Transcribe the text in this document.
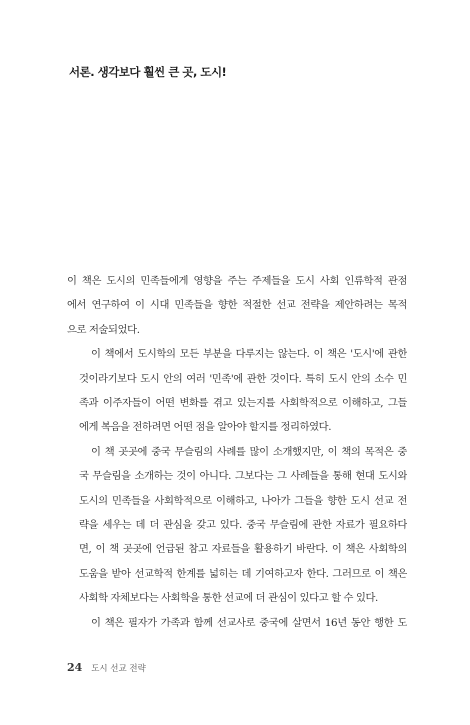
서론. 생각보다 훨씬 큰 곳, 도시!

이 책은 도시의 민족들에게 영향을 주는 주제들을 도시 사회 인류학적 관점
에서 연구하여 이 시대 민족들을 향한 적절한 선교 전략을 제안하려는 목적
으로 저술되었다.

이 책에서 도시학의 모든 부분을 다루지는 않는다. 이 책은 '도시'에 관한
것이라기보다 도시 안의 여러 '민족'에 관한 것이다. 특히 도시 안의 소수 민
족과 이주자들이 어떤 변화를 겪고 있는지를 사회학적으로 이해하고, 그들
에게 복음을 전하려면 어떤 점을 알아야 할지를 정리하였다.

이 책 곳곳에 중국 무슬림의 사례를 많이 소개했지만, 이 책의 목적은 중
국 무슬림을 소개하는 것이 아니다. 그보다는 그 사례들을 통해 현대 도시와
도시의 민족들을 사회학적으로 이해하고, 나아가 그들을 향한 도시 선교 전
략을 세우는 데 더 관심을 갖고 있다. 중국 무슬림에 관한 자료가 필요하다
면, 이 책 곳곳에 언급된 참고 자료들을 활용하기 바란다. 이 책은 사회학의
도움을 받아 선교학적 한계를 넓히는 데 기여하고자 한다. 그러므로 이 책은
사회학 자체보다는 사회학을 통한 선교에 더 관심이 있다고 할 수 있다.

이 책은 필자가 가족과 함께 선교사로 중국에 살면서 16년 동안 행한 도

24 도시 선교 전략
